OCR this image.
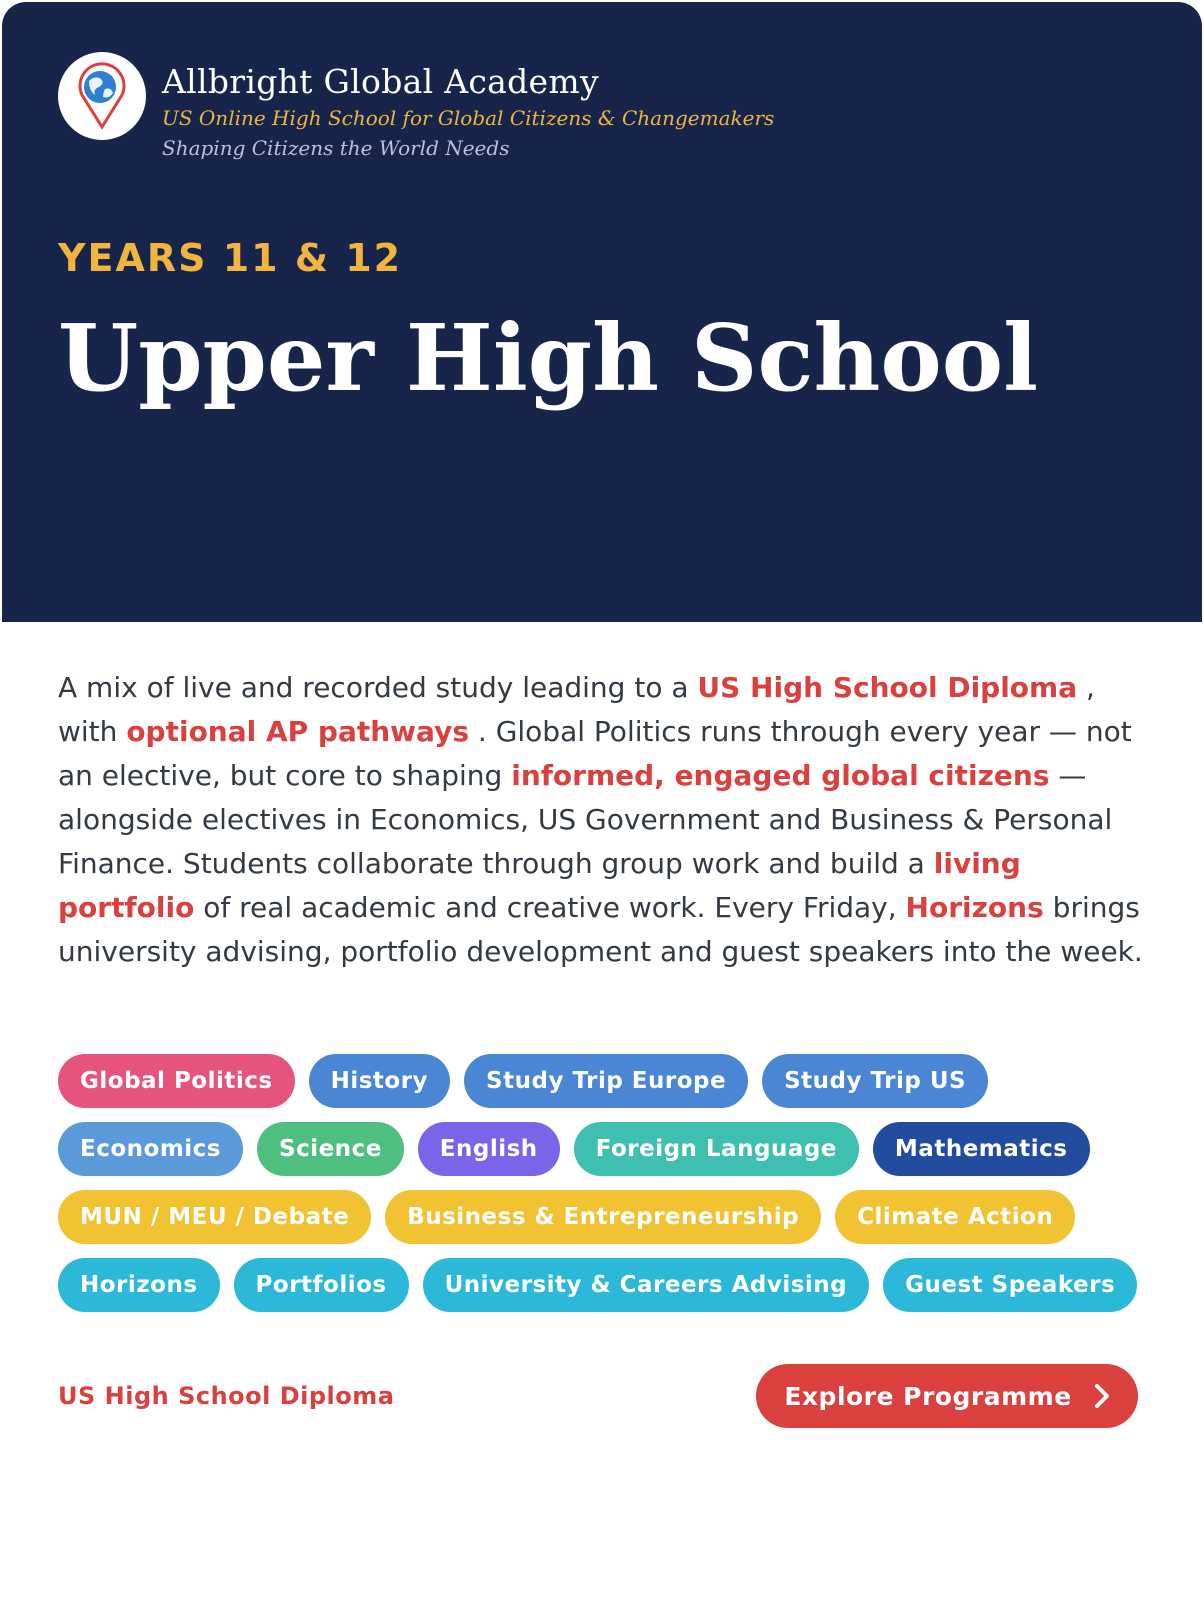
Allbright Global Academy
US Online High School for Global Citizens & Changemakers
Shaping Citizens the World Needs
YEARS 11 & 12
Upper High School
A mix of live and recorded study leading to a US High School Diploma , with optional AP pathways . Global Politics runs through every year — not an elective, but core to shaping informed, engaged global citizens — alongside electives in Economics, US Government and Business & Personal Finance. Students collaborate through group work and build a living portfolio of real academic and creative work. Every Friday, Horizons brings university advising, portfolio development and guest speakers into the week.
Global Politics	History	Study Trip Europe	Study Trip US
Economics	Science	English	Foreign Language	Mathematics
MUN / MEU / Debate	Business & Entrepreneurship	Climate Action
Horizons	Portfolios	University & Careers Advising	Guest Speakers
US High School Diploma	Explore Programme
